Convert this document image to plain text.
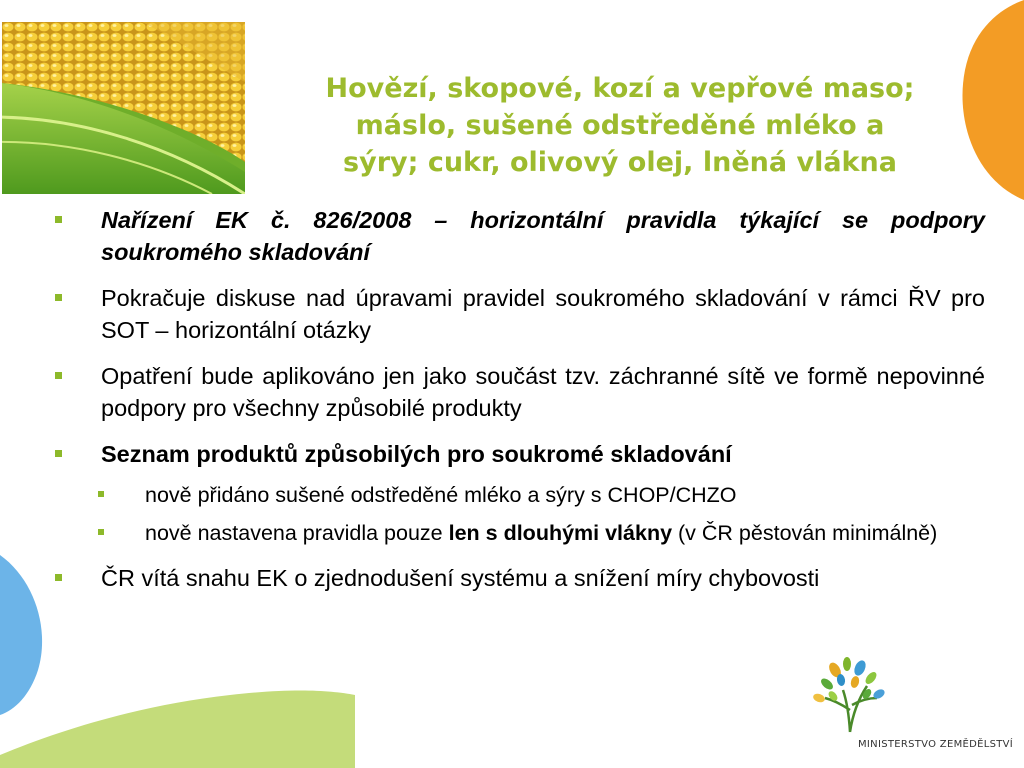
Hovězí, skopové, kozí a vepřové maso;
máslo, sušené odstředěné mléko a
sýry; cukr, olivový olej, lněná vlákna
Nařízení EK č. 826/2008 – horizontální pravidla týkající se podpory soukromého skladování
Pokračuje diskuse nad úpravami pravidel soukromého skladování v rámci ŘV pro SOT – horizontální otázky
Opatření bude aplikováno jen jako součást tzv. záchranné sítě ve formě nepovinné podpory pro všechny způsobilé produkty
Seznam produktů způsobilých pro soukromé skladování
nově přidáno sušené odstředěné mléko a sýry s CHOP/CHZO
nově nastavena pravidla pouze len s dlouhými vlákny (v ČR pěstován minimálně)
ČR vítá snahu EK o zjednodušení systému a snížení míry chybovosti
MINISTERSTVO ZEMĚDĚLSTVÍ
